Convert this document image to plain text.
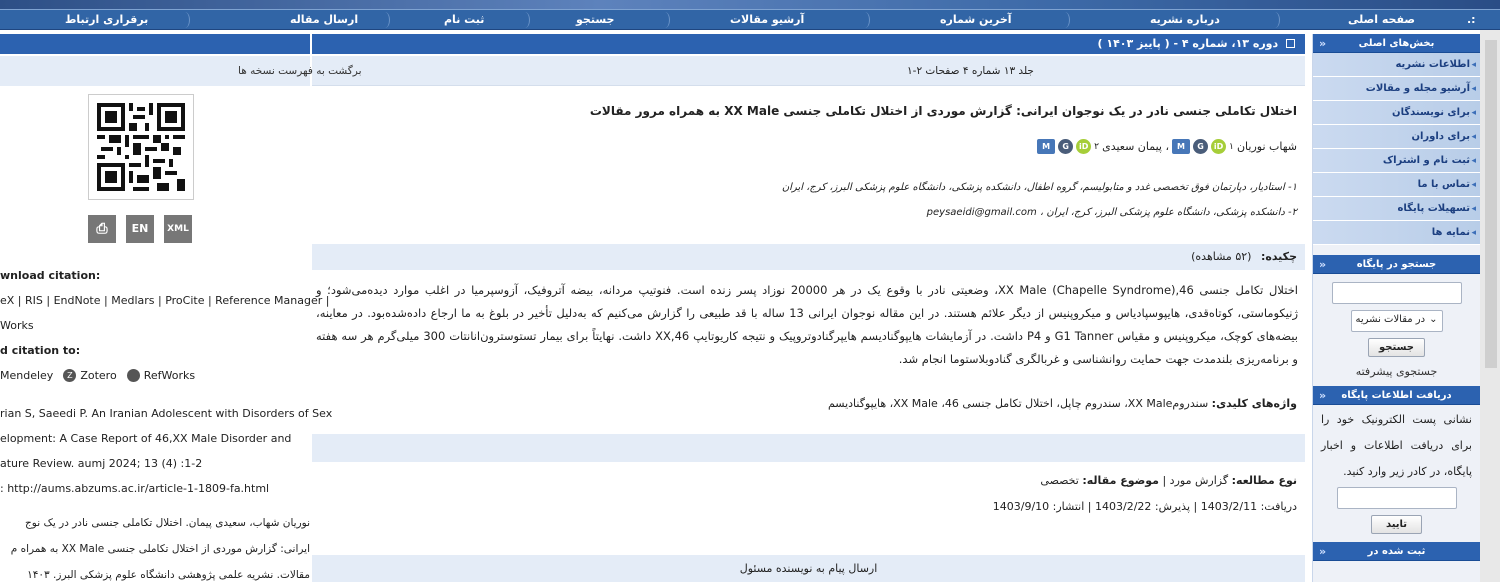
:.
صفحه اصلی
درباره نشریه
آخرین شماره
آرشیو مقالات
جستجو
ثبت نام
ارسال مقاله
برقراری ارتباط
«	بخش‌های اصلی
◂
اطلاعات نشریه
◂
آرشیو مجله و مقالات
◂
برای نویسندگان
◂
برای داوران
◂
ثبت نام و اشتراک
◂
تماس با ما
◂
تسهیلات پایگاه
◂
نمایه ها
«	جستجو در پایگاه
⌄
در مقالات نشریه
جستجو
جستجوی پیشرفته
« دریافت اطلاعات پایگاه
نشانی پست الکترونیک خود را برای دریافت اطلاعات و اخبار پایگاه، در کادر زیر وارد کنید.
تایید
«	ثبت شده در
دوره ۱۳، شماره ۴ - ( پاییز ۱۴۰۳ )
جلد ۱۳ شماره ۴ صفحات ۲-۱
اختلال تکاملی جنسی نادر در یک نوجوان ایرانی: گزارش موردی از اختلال تکاملی جنسی XX Male به همراه مرور مقالات
شهاب نوریان
۱
iD
G
M
، پیمان سعیدی
۲
iD
G
M
۱- استادیار، دپارتمان فوق تخصصی غدد و متابولیسم، گروه اطفال، دانشکده پزشکی، دانشگاه علوم پزشکی البرز، کرج، ایران
۲- دانشکده پزشکی، دانشگاه علوم پزشکی البرز، کرج، ایران ، peysaeidi@gmail.com
چکیده: (۵۲ مشاهده)
اختلال تکامل جنسی 46,XX Male (Chapelle Syndrome)، وضعیتی نادر با وقوع یک در هر 20000 نوزاد پسر زنده است. فنوتیپ مردانه، بیضه آتروفیک، آزوسپرمیا در اغلب موارد دیده‌می‌شود؛ و ژنیکوماستی، کوتاه‌قدی، هایپوسپادیاس و میکروپنیس از دیگر علائم هستند. در این مقاله نوجوان ایرانی 13 ساله با قد طبیعی را گزارش می‌کنیم که به‌دلیل تأخیر در بلوغ به ما ارجاع داده‌شده‌بود. در معاینه، بیضه‌های کوچک، میکروپنیس و مقیاس G1 Tanner و P4 داشت. در آزمایشات هایپوگنادیسم هایپرگنادوتروپیک و نتیجه کاریوتایپ 46,XX داشت. نهایتاً برای بیمار تستوسترون‌انانتات 300 میلی‌گرم هر سه هفته و برنامه‌ریزی بلندمدت جهت حمایت روانشناسی و غربالگری گنادوبلاستوما انجام شد.
واژه‌های کلیدی: سندرومXX Male، سندروم چاپل، اختلال تکامل جنسی 46، XX Male، هایپوگنادیسم
نوع مطالعه: گزارش مورد | موضوع مقاله: تخصصی
دریافت: 1403/2/11 | پذیرش: 1403/2/22 | انتشار: 1403/9/10
ارسال پیام به نویسنده مسئول
برگشت به فهرست نسخه ها
⎙	EN	XML
wnload citation:
eX | RIS | EndNote | Medlars | ProCite | Reference Manager |
Works
d citation to:
Mendeley	Z Zotero RefWorks
rian S, Saeedi P. An Iranian Adolescent with Disorders of Sex
elopment: A Case Report of 46,XX Male Disorder and
ature Review. aumj 2024; 13 (4) :1-2
: http://aums.abzums.ac.ir/article-1-1809-fa.html
نوریان شهاب، سعیدی پیمان. اختلال تکاملی جنسی نادر در یک نوج
ایرانی: گزارش موردی از اختلال تکاملی جنسی XX Male به همراه م
مقالات. نشریه علمی پژوهشی دانشگاه علوم پزشکی البرز. ۱۴۰۳
